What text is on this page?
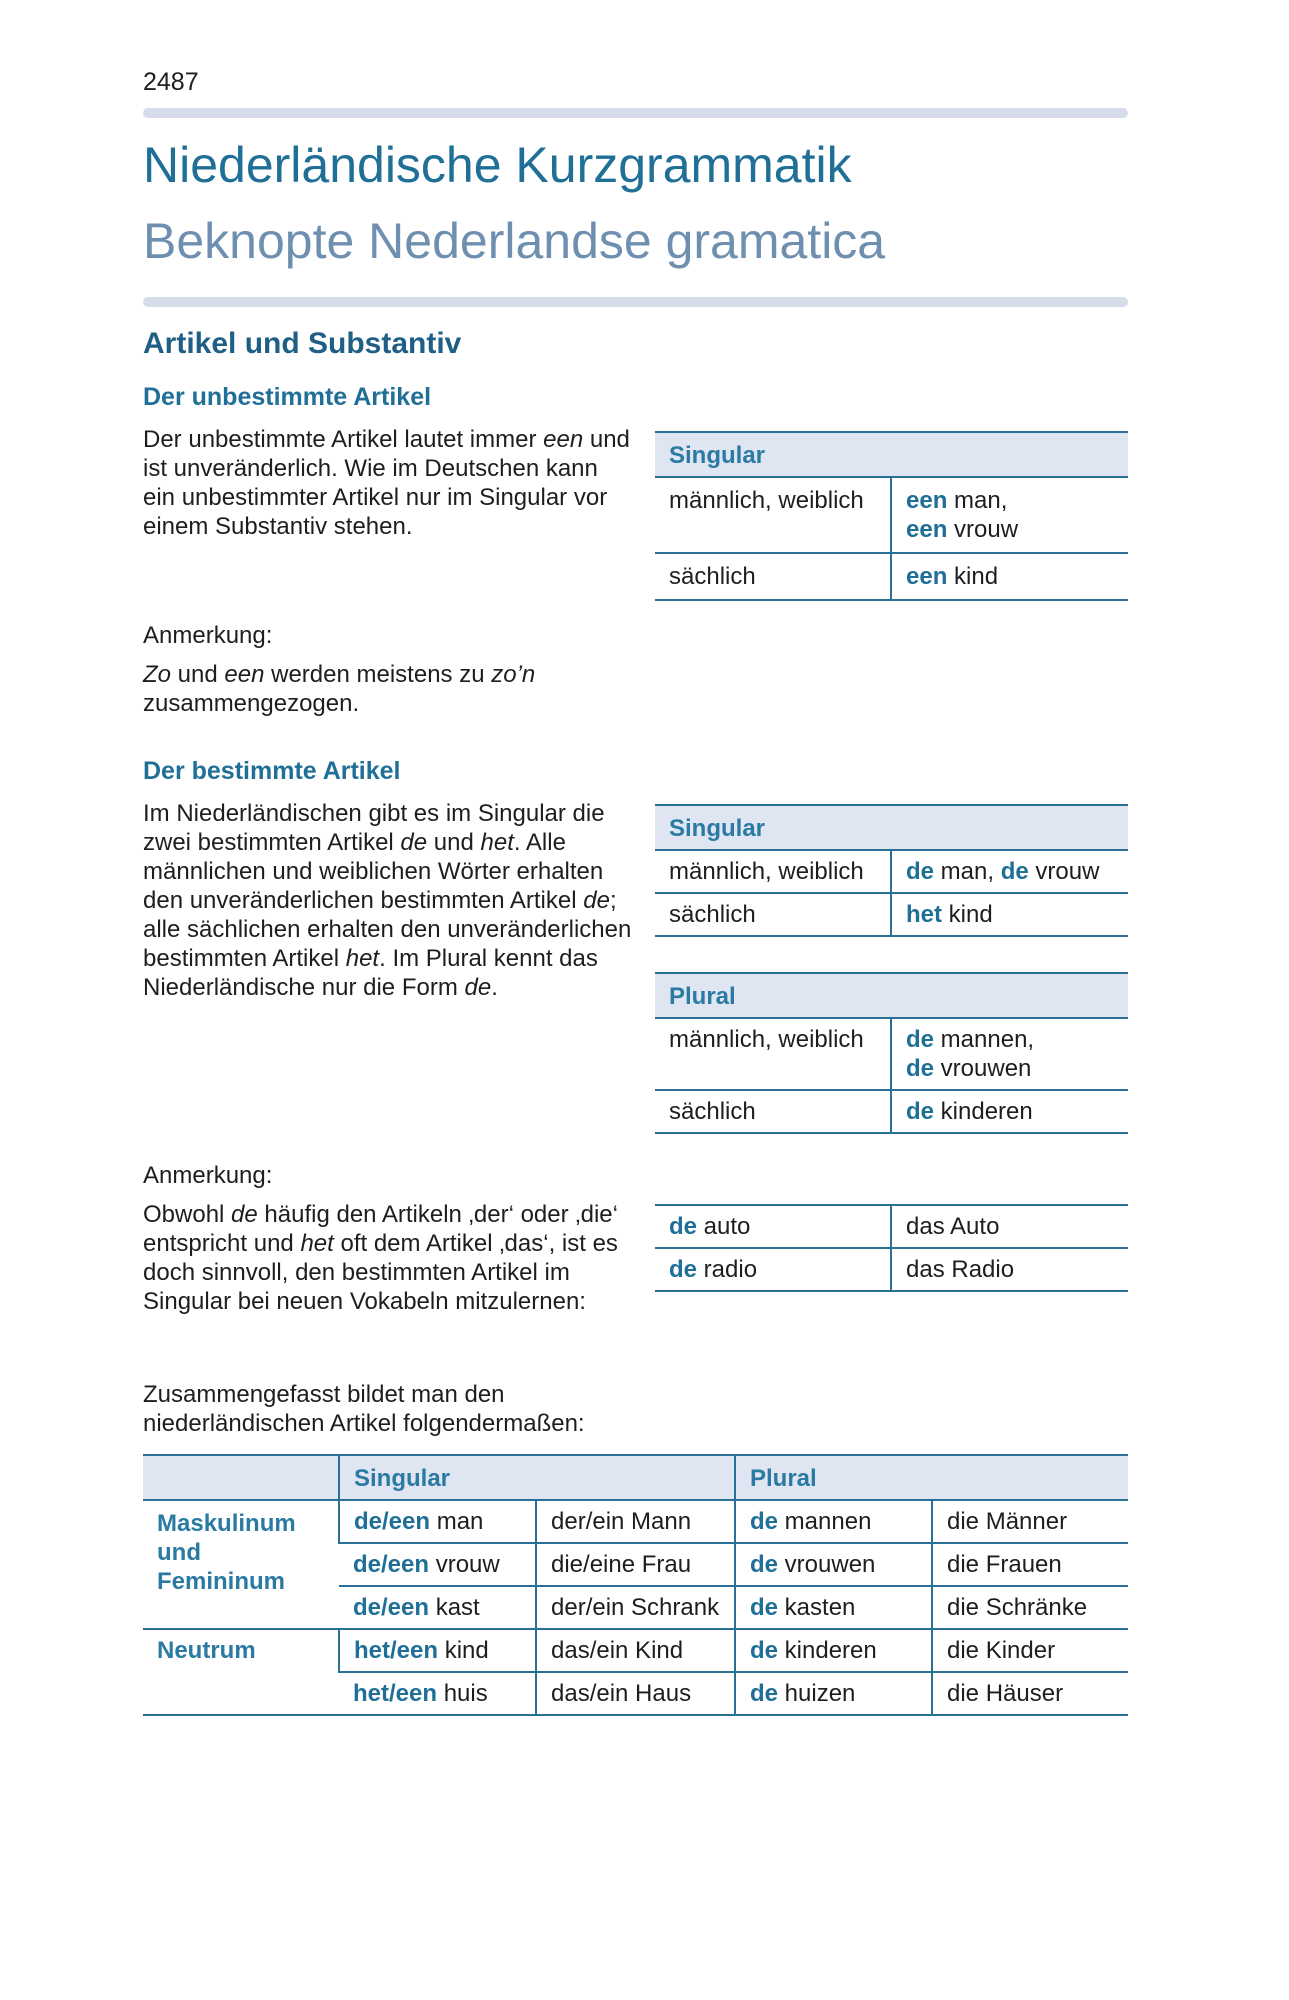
2487
Niederländische Kurzgrammatik
Beknopte Nederlandse gramatica
Artikel und Substantiv
Der unbestimmte Artikel
Der unbestimmte Artikel lautet immer een und ist unveränderlich. Wie im Deutschen kann ein unbestimmter Artikel nur im Singular vor einem Substantiv stehen.
Singular	
männlich, weiblich	een man,
een vrouw
sächlich	een kind
Anmerkung:
Zo und een werden meistens zu zo’n zusammengezogen.
Der bestimmte Artikel
Im Niederländischen gibt es im Singular die zwei bestimmten Artikel de und het. Alle männlichen und weiblichen Wörter erhalten den unveränderlichen bestimmten Artikel de; alle sächlichen erhalten den unveränderlichen bestimmten Artikel het. Im Plural kennt das Niederländische nur die Form de.
Singular	
männlich, weiblich	de man, de vrouw
sächlich	het kind
Plural	
männlich, weiblich	de mannen,
de vrouwen
sächlich	de kinderen
Anmerkung:
Obwohl de häufig den Artikeln ‚der‘ oder ‚die‘ entspricht und het oft dem Artikel ‚das‘, ist es doch sinnvoll, den bestimmten Artikel im Singular bei neuen Vokabeln mitzulernen:
de auto	das Auto
de radio	das Radio
Zusammengefasst bildet man den niederländischen Artikel folgendermaßen:
	Singular		Plural	
Maskulinum und Femininum	de/een man	der/ein Mann	de mannen	die Männer
	de/een vrouw	die/eine Frau	de vrouwen	die Frauen
	de/een kast	der/ein Schrank	de kasten	die Schränke
Neutrum	het/een kind	das/ein Kind	de kinderen	die Kinder
	het/een huis	das/ein Haus	de huizen	die Häuser
